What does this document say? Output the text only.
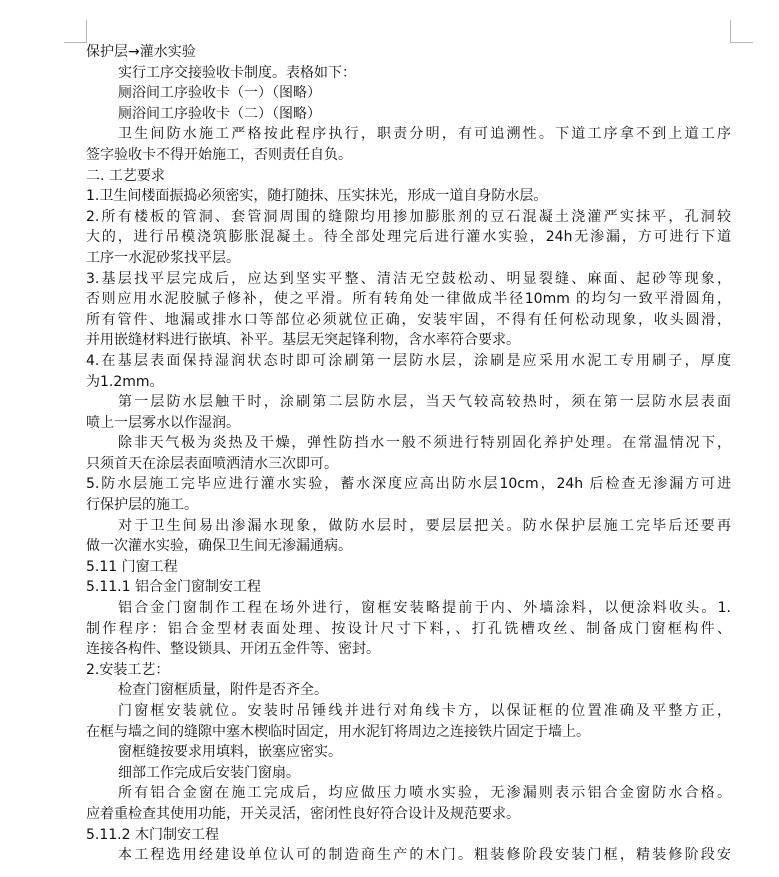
保护层→灌水实验
实行工序交接验收卡制度。表格如下：
厕浴间工序验收卡（一）（图略）
厕浴间工序验收卡（二）（图略）
卫生间防水施工严格按此程序执行，职责分明，有可追溯性。下道工序拿不到上道工序
签字验收卡不得开始施工，否则责任自负。
二. 工艺要求
1.卫生间楼面振捣必须密实，随打随抹、压实抹光，形成一道自身防水层。
2.所有楼板的管洞、套管洞周围的缝隙均用掺加膨胀剂的豆石混凝土浇灌严实抹平，孔洞较
大的，进行吊模浇筑膨胀混凝土。待全部处理完后进行灌水实验，24h无渗漏，方可进行下道
工序一水泥砂浆找平层。
3.基层找平层完成后，应达到坚实平整、清洁无空鼓松动、明显裂缝、麻面、起砂等现象，
否则应用水泥胶腻子修补，使之平滑。所有转角处一律做成半径10mm 的均匀一致平滑圆角，
所有管件、地漏或排水口等部位必须就位正确，安装牢固，不得有任何松动现象，收头圆滑，
并用嵌缝材料进行嵌填、补平。基层无突起锋利物，含水率符合要求。
4.在基层表面保持湿润状态时即可涂刷第一层防水层，涂刷是应采用水泥工专用刷子，厚度
为1.2mm。
第一层防水层触干时，涂刷第二层防水层，当天气较高较热时，须在第一层防水层表面
喷上一层雾水以作湿润。
除非天气极为炎热及干燥，弹性防挡水一般不须进行特别固化养护处理。在常温情况下，
只须首天在涂层表面喷洒清水三次即可。
5.防水层施工完毕应进行灌水实验，蓄水深度应高出防水层10cm，24h 后检查无渗漏方可进
行保护层的施工。
对于卫生间易出渗漏水现象，做防水层时，要层层把关。防水保护层施工完毕后还要再
做一次灌水实验，确保卫生间无渗漏通病。
5.11 门窗工程
5.11.1 铝合金门窗制安工程
铝合金门窗制作工程在场外进行，窗框安装略提前于内、外墙涂料，以便涂料收头。1.
制作程序：铝合金型材表面处理、按设计尺寸下料，、打孔铣槽攻丝、制备成门窗框构件、
连接各构件、整设锁具、开闭五金件等、密封。
2.安装工艺：
检查门窗框质量，附件是否齐全。
门窗框安装就位。安装时吊锤线并进行对角线卡方，以保证框的位置准确及平整方正，
在框与墙之间的缝隙中塞木楔临时固定，用水泥钉将周边之连接铁片固定于墙上。
窗框缝按要求用填料，嵌塞应密实。
细部工作完成后安装门窗扇。
所有铝合金窗在施工完成后，均应做压力喷水实验，无渗漏则表示铝合金窗防水合格。
应着重检查其使用功能，开关灵活，密闭性良好符合设计及规范要求。
5.11.2 木门制安工程
本工程选用经建设单位认可的制造商生产的木门。粗装修阶段安装门框，精装修阶段安
